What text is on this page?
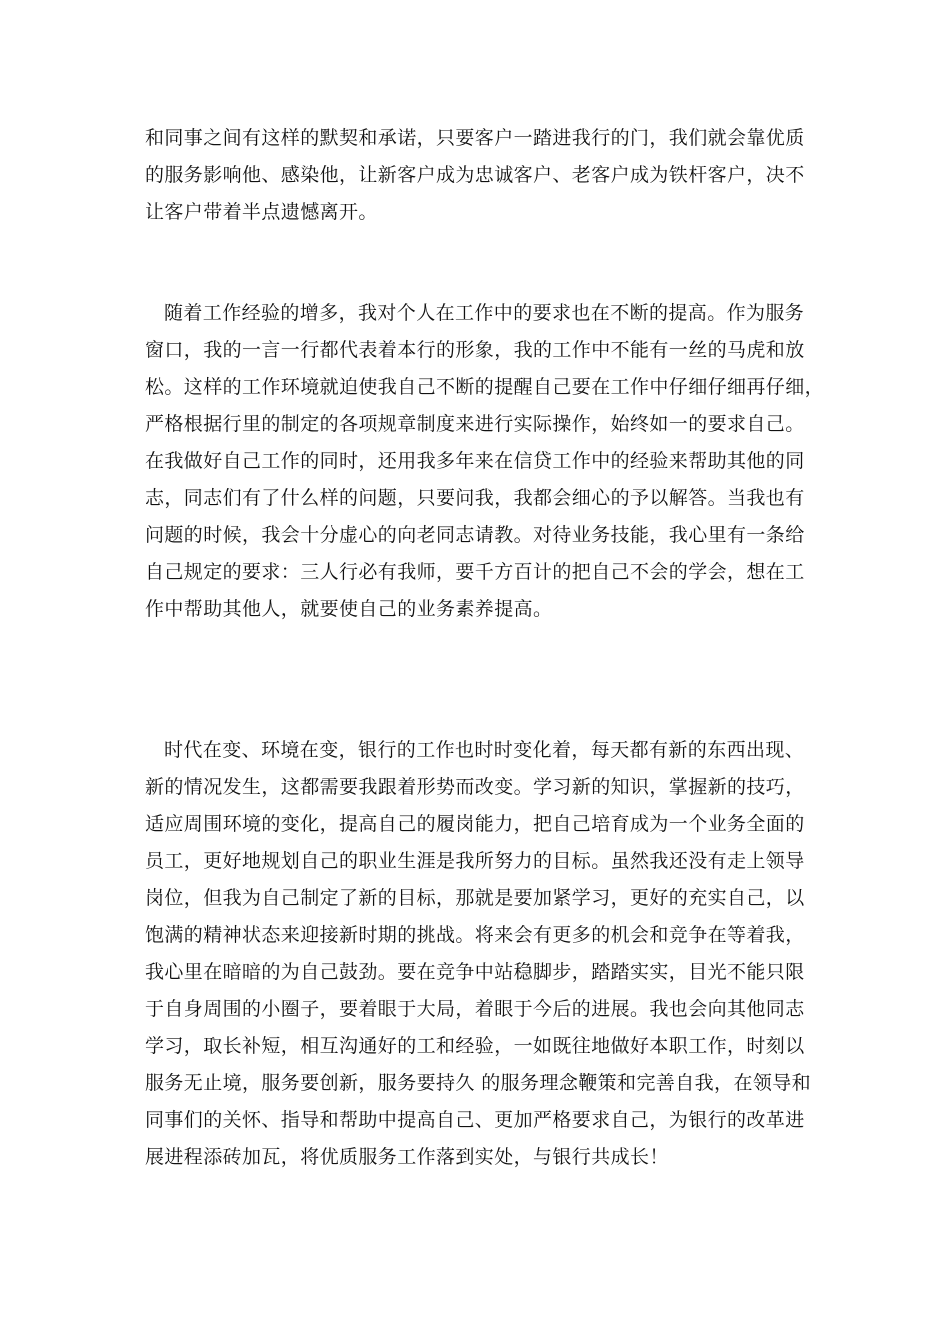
和同事之间有这样的默契和承诺，只要客户一踏进我行的门，我们就会靠优质
的服务影响他、感染他，让新客户成为忠诚客户、老客户成为铁杆客户，决不
让客户带着半点遗憾离开。
随着工作经验的增多，我对个人在工作中的要求也在不断的提高。作为服务
窗口，我的一言一行都代表着本行的形象，我的工作中不能有一丝的马虎和放
松。这样的工作环境就迫使我自己不断的提醒自己要在工作中仔细仔细再仔细，
严格根据行里的制定的各项规章制度来进行实际操作，始终如一的要求自己。
在我做好自己工作的同时，还用我多年来在信贷工作中的经验来帮助其他的同
志，同志们有了什么样的问题，只要问我，我都会细心的予以解答。当我也有
问题的时候，我会十分虚心的向老同志请教。对待业务技能，我心里有一条给
自己规定的要求：三人行必有我师，要千方百计的把自己不会的学会，想在工
作中帮助其他人，就要使自己的业务素养提高。
时代在变、环境在变，银行的工作也时时变化着，每天都有新的东西出现、
新的情况发生，这都需要我跟着形势而改变。学习新的知识，掌握新的技巧，
适应周围环境的变化，提高自己的履岗能力，把自己培育成为一个业务全面的
员工，更好地规划自己的职业生涯是我所努力的目标。虽然我还没有走上领导
岗位，但我为自己制定了新的目标，那就是要加紧学习，更好的充实自己，以
饱满的精神状态来迎接新时期的挑战。将来会有更多的机会和竞争在等着我，
我心里在暗暗的为自己鼓劲。要在竞争中站稳脚步，踏踏实实，目光不能只限
于自身周围的小圈子，要着眼于大局，着眼于今后的进展。我也会向其他同志
学习，取长补短，相互沟通好的工和经验，一如既往地做好本职工作，时刻以
服务无止境，服务要创新，服务要持久 的服务理念鞭策和完善自我，在领导和
同事们的关怀、指导和帮助中提高自己、更加严格要求自己，为银行的改革进
展进程添砖加瓦，将优质服务工作落到实处，与银行共成长！
